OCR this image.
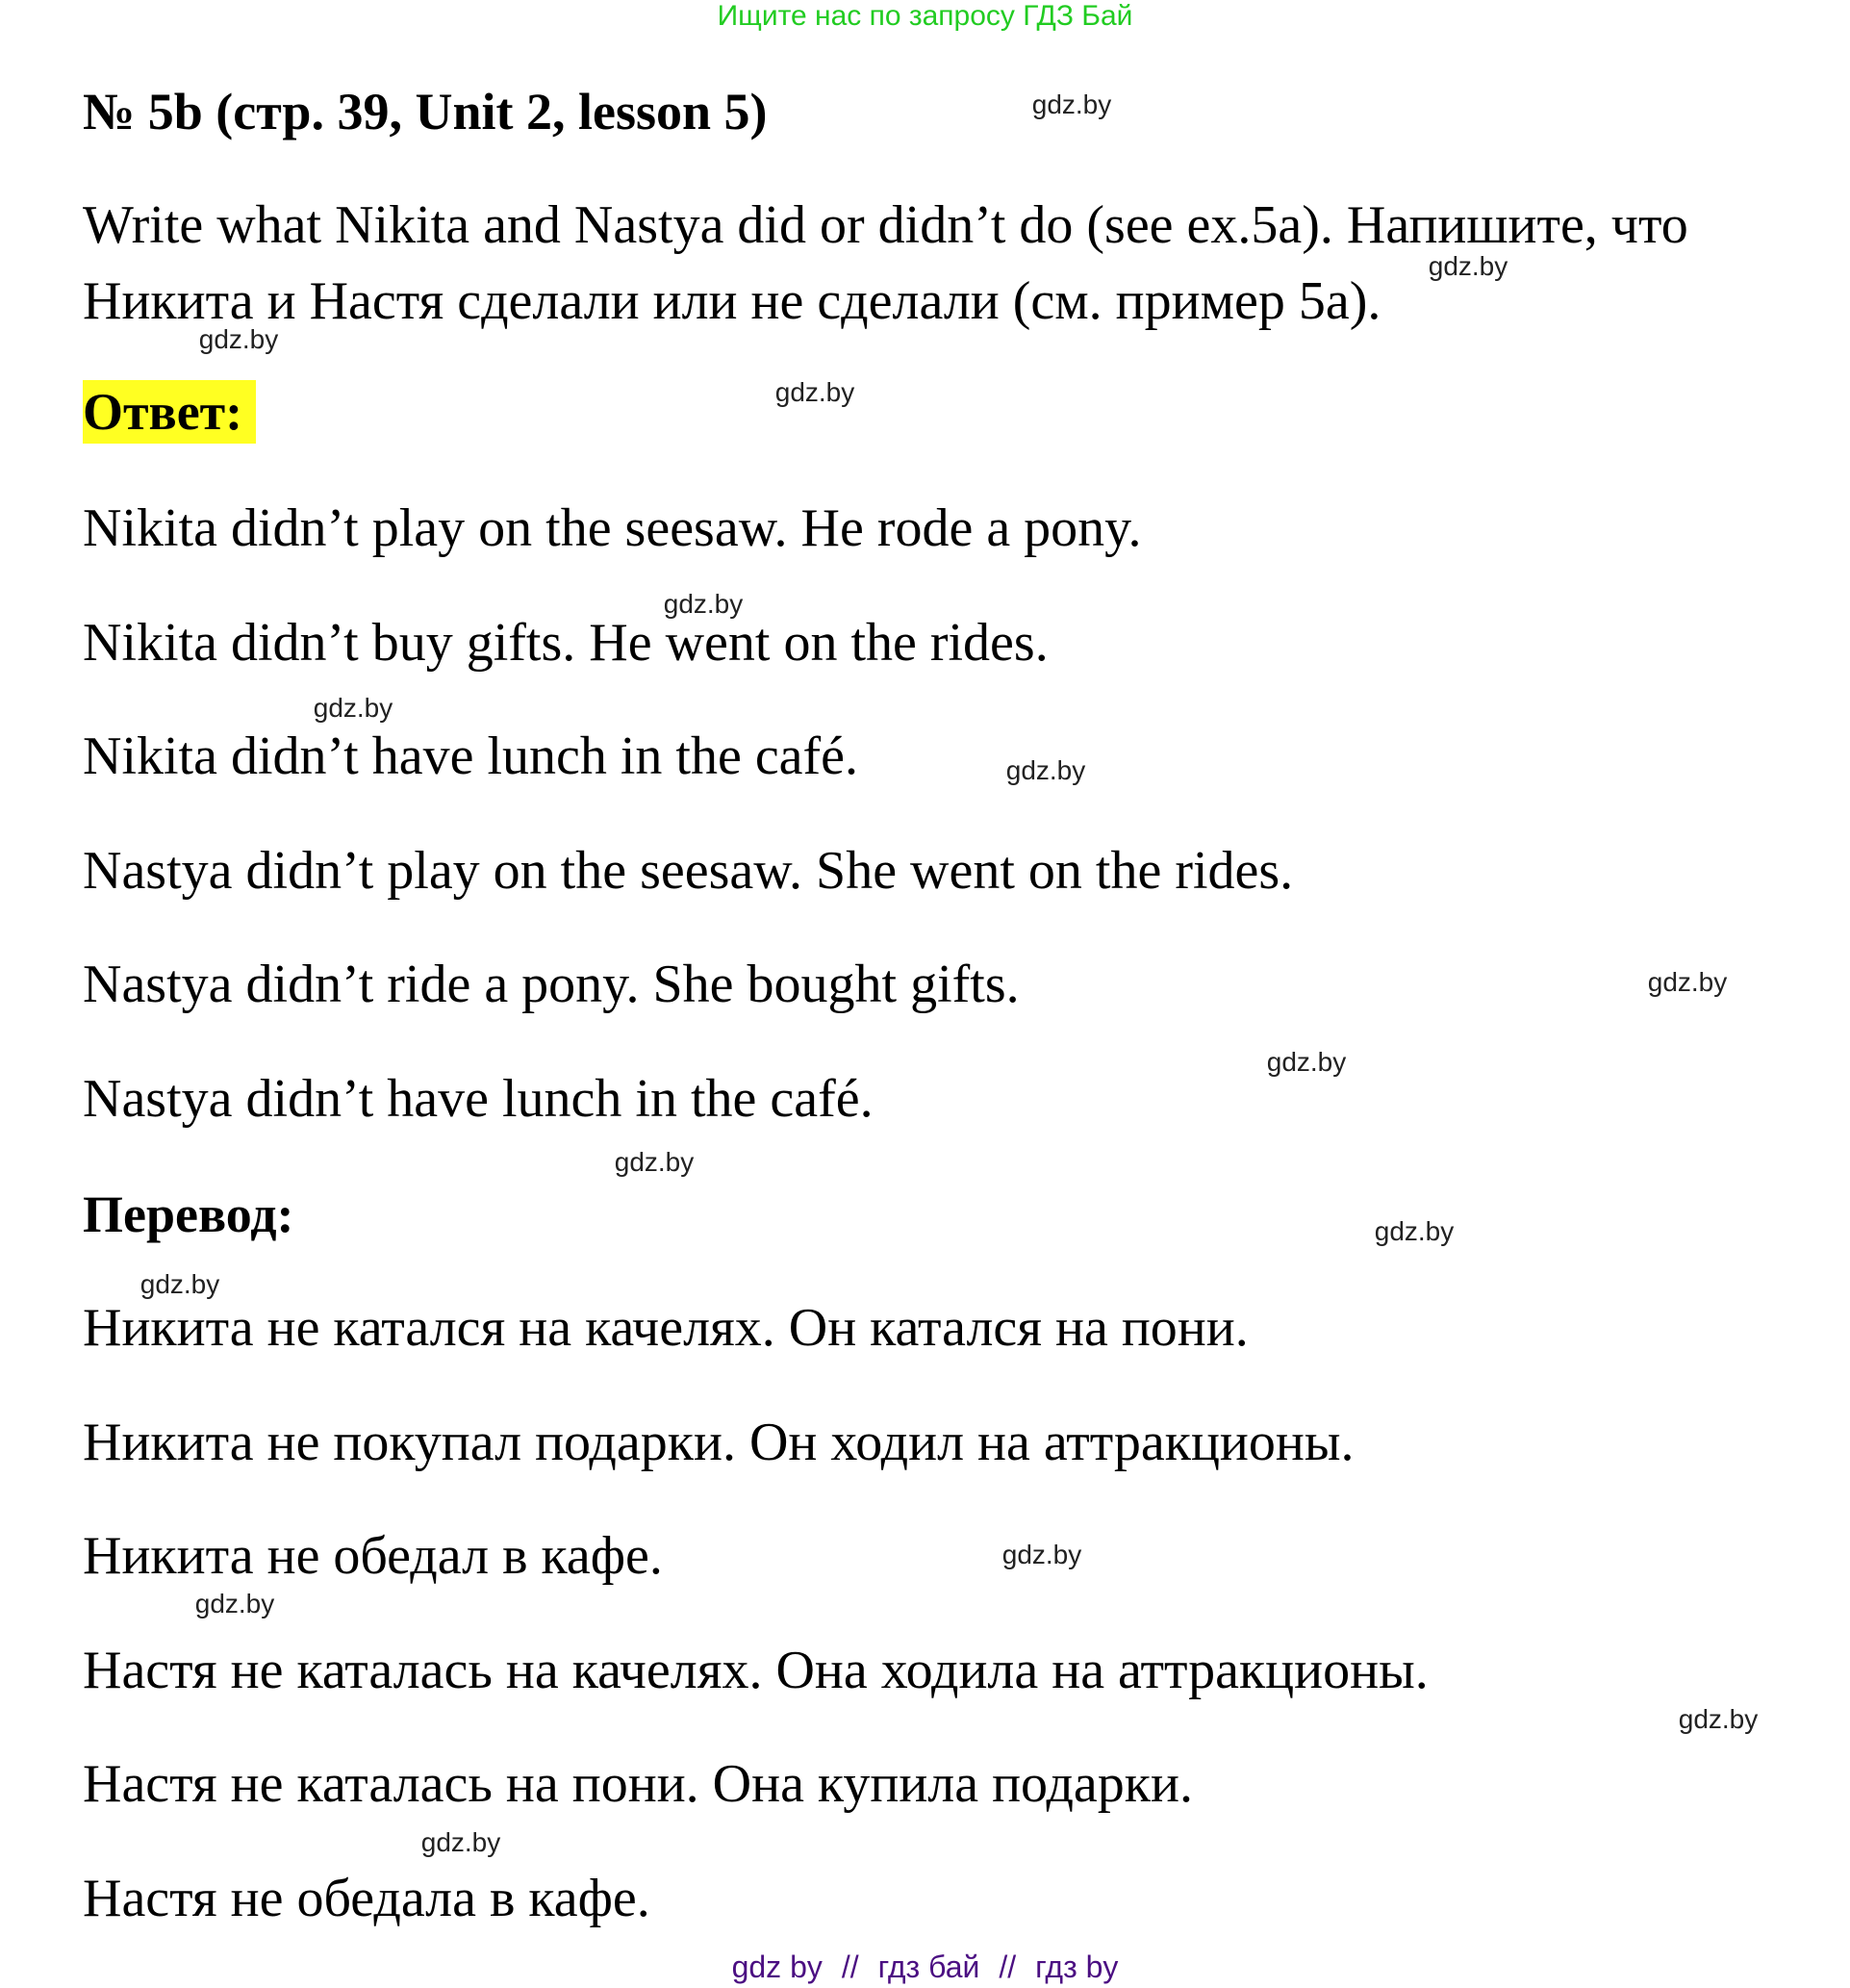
Ищите нас по запросу ГДЗ Бай
№ 5b (стр. 39, Unit 2, lesson 5)
Write what Nikita and Nastya did or didn’t do (see ex.5a). Напишите, что
Никита и Настя сделали или не сделали (см. пример 5a).
Ответ:
Nikita didn’t play on the seesaw. He rode a pony.
Nikita didn’t buy gifts. He went on the rides.
Nikita didn’t have lunch in the café.
Nastya didn’t play on the seesaw. She went on the rides.
Nastya didn’t ride a pony. She bought gifts.
Nastya didn’t have lunch in the café.
Перевод:
Никита не катался на качелях. Он катался на пони.
Никита не покупал подарки. Он ходил на аттракционы.
Никита не обедал в кафе.
Настя не каталась на качелях. Она ходила на аттракционы.
Настя не каталась на пони. Она купила подарки.
Настя не обедала в кафе.
gdz.by
gdz.by
gdz.by
gdz.by
gdz.by
gdz.by
gdz.by
gdz.by
gdz.by
gdz.by
gdz.by
gdz.by
gdz.by
gdz.by
gdz.by
gdz.by
gdz by // гдз бай // гдз by
